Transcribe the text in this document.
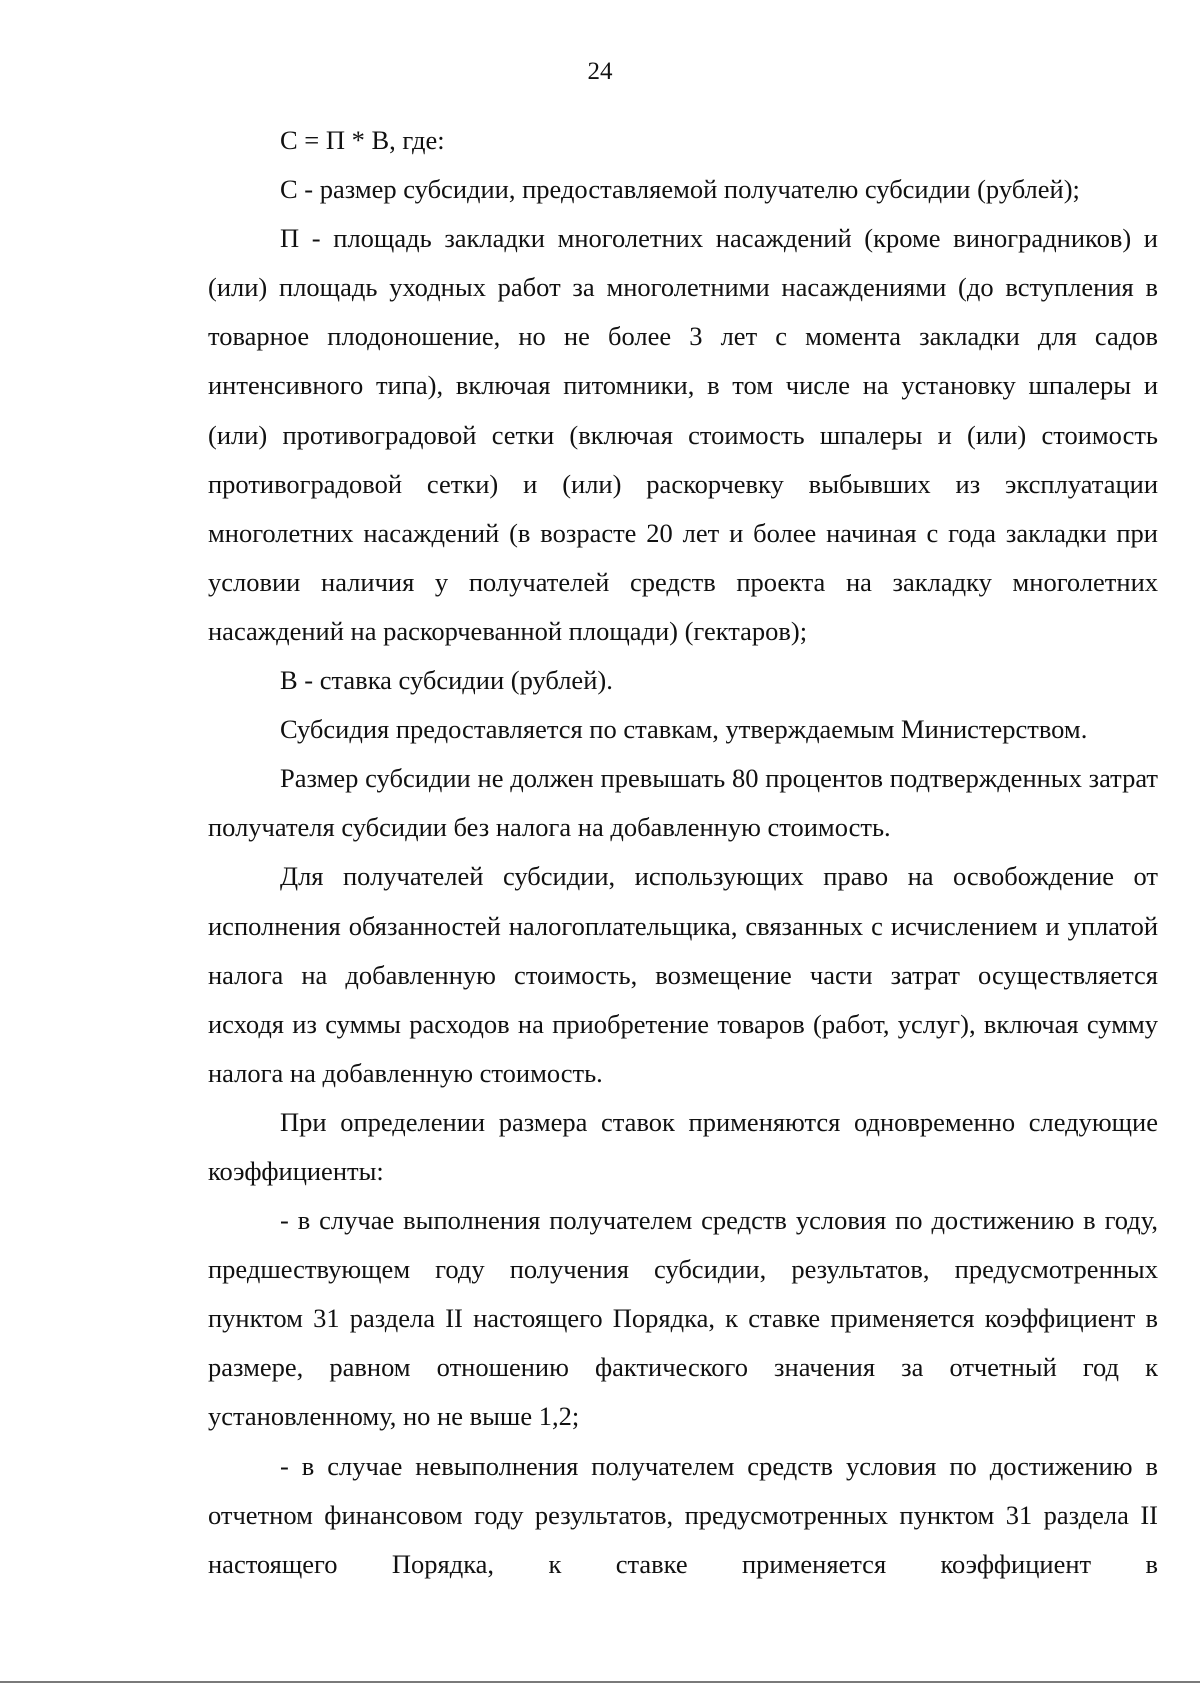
24

С = П * В, где:

С - размер субсидии, предоставляемой получателю субсидии (рублей);

П - площадь закладки многолетних насаждений (кроме виноградников) и (или) площадь уходных работ за многолетними насаждениями (до вступления в товарное плодоношение, но не более 3 лет с момента закладки для садов интенсивного типа), включая питомники, в том числе на установку шпалеры и (или) противоградовой сетки (включая стоимость шпалеры и (или) стоимость противоградовой сетки) и (или) раскорчевку выбывших из эксплуатации многолетних насаждений (в возрасте 20 лет и более начиная с года закладки при условии наличия у получателей средств проекта на закладку многолетних насаждений на раскорчеванной площади) (гектаров);

В - ставка субсидии (рублей).

Субсидия предоставляется по ставкам, утверждаемым Министерством.

Размер субсидии не должен превышать 80 процентов подтвержденных затрат получателя субсидии без налога на добавленную стоимость.

Для получателей субсидии, использующих право на освобождение от исполнения обязанностей налогоплательщика, связанных с исчислением и уплатой налога на добавленную стоимость, возмещение части затрат осуществляется исходя из суммы расходов на приобретение товаров (работ, услуг), включая сумму налога на добавленную стоимость.

При определении размера ставок применяются одновременно следующие коэффициенты:

- в случае выполнения получателем средств условия по достижению в году, предшествующем году получения субсидии, результатов, предусмотренных пунктом 31 раздела II настоящего Порядка, к ставке применяется коэффициент в размере, равном отношению фактического значения за отчетный год к установленному, но не выше 1,2;

- в случае невыполнения получателем средств условия по достижению в отчетном финансовом году результатов, предусмотренных пунктом 31 раздела II настоящего Порядка, к ставке применяется коэффициент в
